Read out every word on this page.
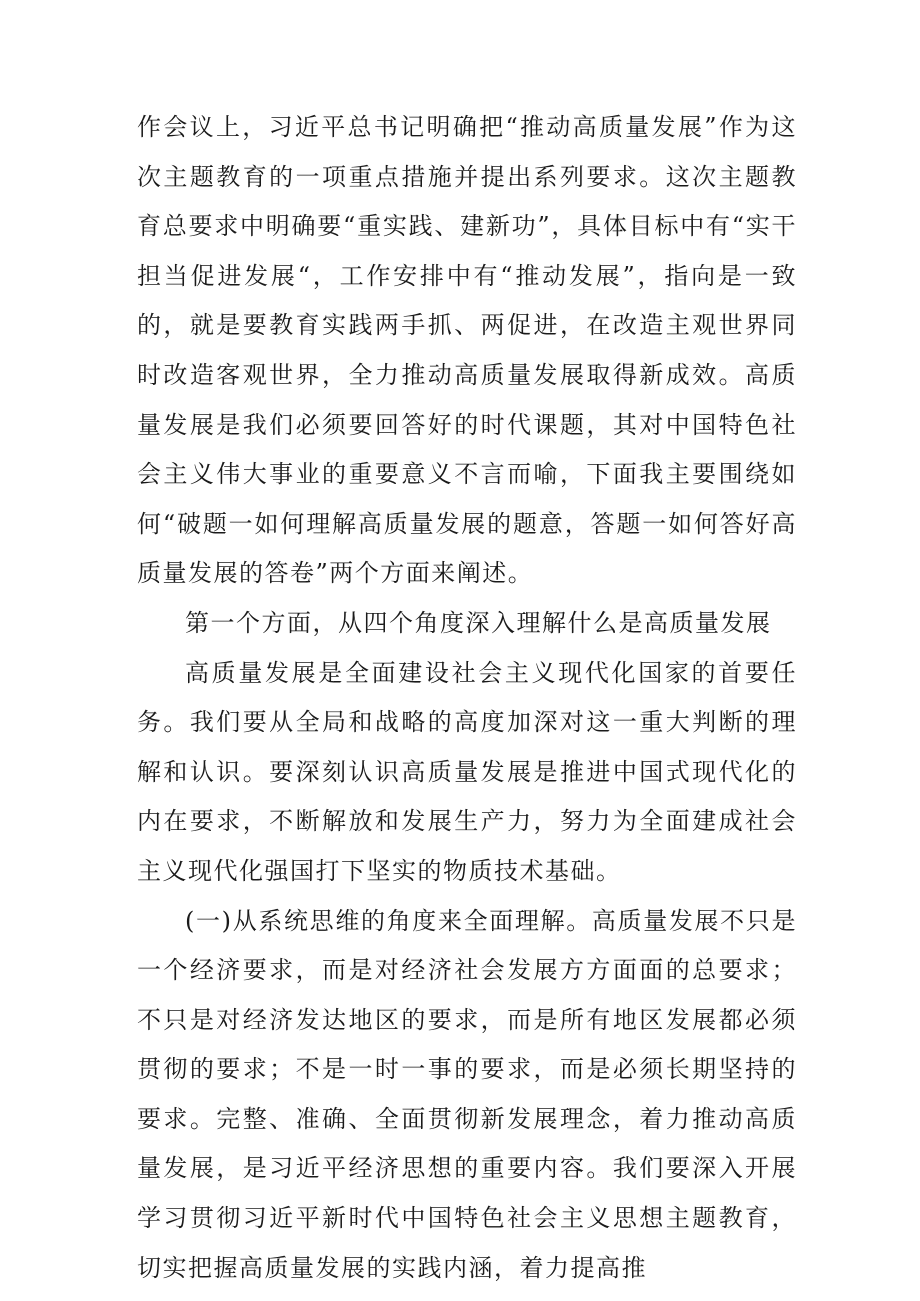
作会议上，习近平总书记明确把“推动高质量发展”作为这次主题教育的一项重点措施并提出系列要求。这次主题教育总要求中明确要“重实践、建新功”，具体目标中有“实干担当促进发展“，工作安排中有“推动发展”，指向是一致的，就是要教育实践两手抓、两促进，在改造主观世界同时改造客观世界，全力推动高质量发展取得新成效。高质量发展是我们必须要回答好的时代课题，其对中国特色社会主义伟大事业的重要意义不言而喻，下面我主要围绕如何“破题一如何理解高质量发展的题意，答题一如何答好高质量发展的答卷”两个方面来阐述。

第一个方面，从四个角度深入理解什么是高质量发展

高质量发展是全面建设社会主义现代化国家的首要任务。我们要从全局和战略的高度加深对这一重大判断的理解和认识。要深刻认识高质量发展是推进中国式现代化的内在要求，不断解放和发展生产力，努力为全面建成社会主义现代化强国打下坚实的物质技术基础。

(一)从系统思维的角度来全面理解。高质量发展不只是一个经济要求，而是对经济社会发展方方面面的总要求；不只是对经济发达地区的要求，而是所有地区发展都必须贯彻的要求；不是一时一事的要求，而是必须长期坚持的要求。完整、准确、全面贯彻新发展理念，着力推动高质量发展，是习近平经济思想的重要内容。我们要深入开展学习贯彻习近平新时代中国特色社会主义思想主题教育，切实把握高质量发展的实践内涵，着力提高推
